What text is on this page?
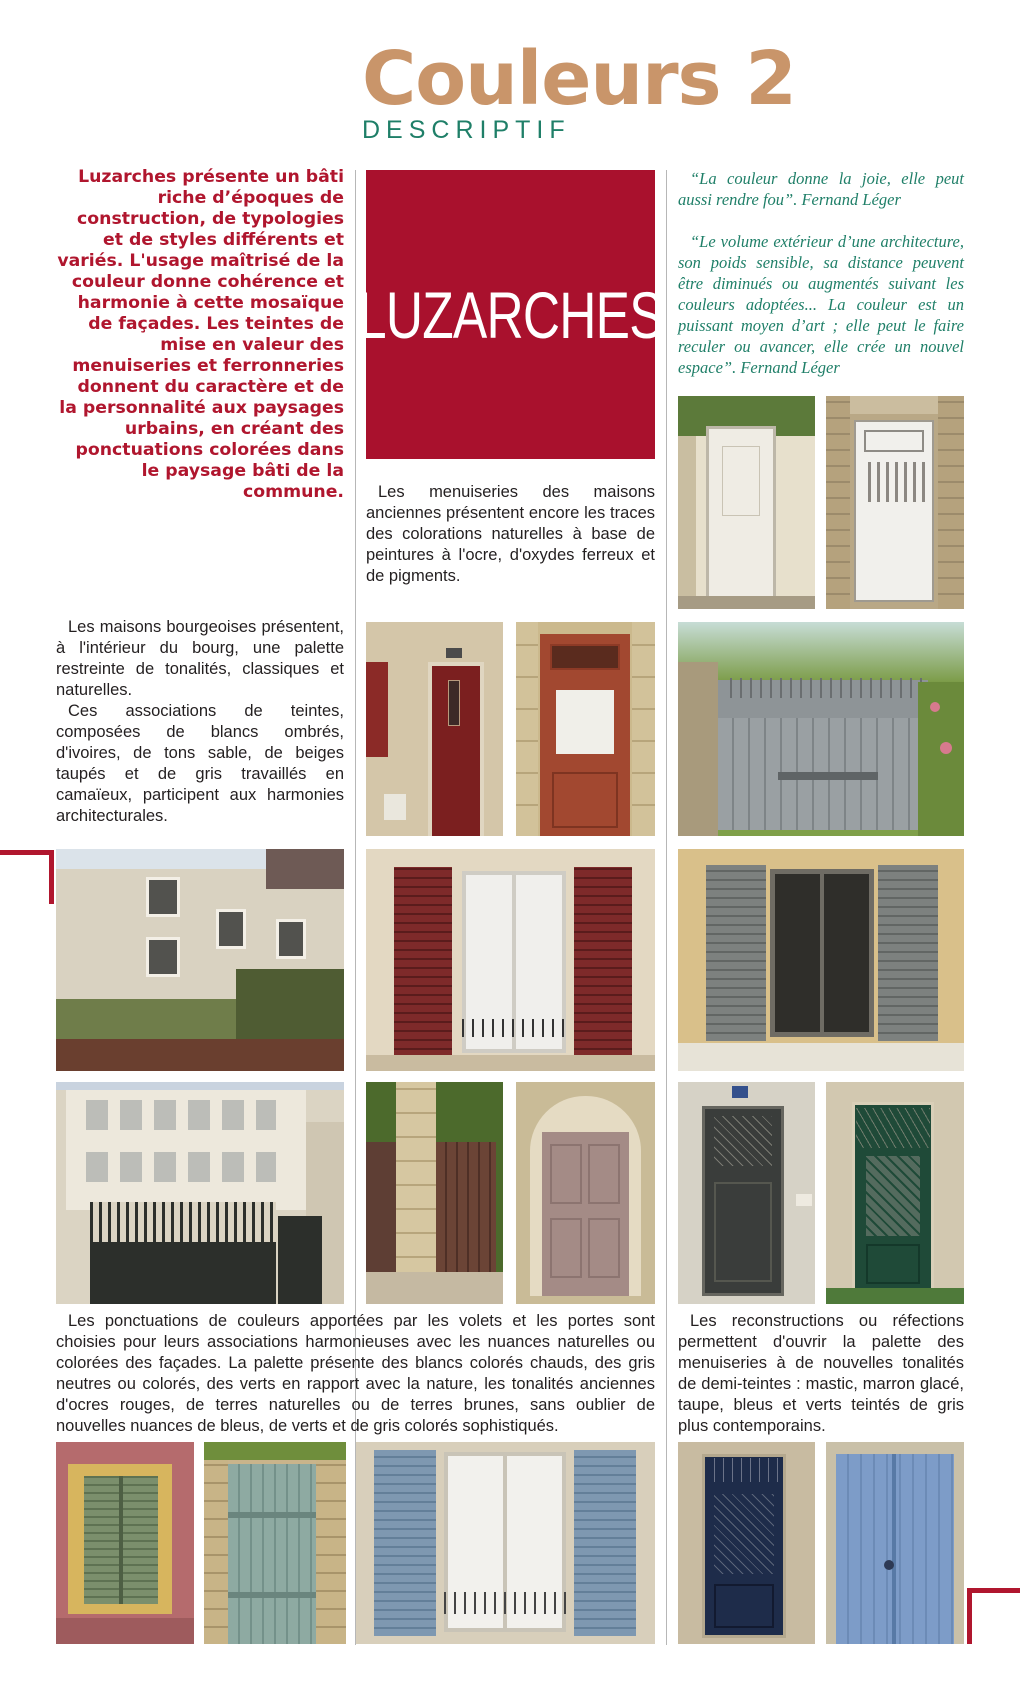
Couleurs 2
DESCRIPTIF
Luzarches présente un bâti riche d’époques de construction, de typologies et de styles différents et variés. L'usage maîtrisé de la couleur donne cohérence et harmonie à cette mosaïque de façades. Les teintes de mise en valeur des menuiseries et ferronneries donnent du caractère et de la personnalité aux paysages urbains, en créant des ponctuations colorées dans le paysage bâti de la commune.
LUZARCHES

“La couleur donne la joie, elle peut aussi rendre fou”. Fernand Léger

“Le volume extérieur d’une architecture, son poids sensible, sa distance peuvent être diminués ou augmentés suivant les couleurs adoptées... La couleur est un puissant moyen d’art ; elle peut le faire reculer ou avancer, elle crée un nouvel espace”. Fernand Léger

Les menuiseries des maisons anciennes présentent encore les traces des colorations naturelles à base de peintures à l'ocre, d'oxydes ferreux et de pigments.

Les maisons bourgeoises présentent, à l'intérieur du bourg, une palette restreinte de tonalités, classiques et naturelles.

Ces associations de teintes, composées de blancs ombrés, d'ivoires, de tons sable, de beiges taupés et de gris travaillés en camaïeux, participent aux harmonies architecturales.

Les ponctuations de couleurs apportées par les volets et les portes sont choisies pour leurs associations harmonieuses avec les nuances naturelles ou colorées des façades. La palette présente des blancs colorés chauds, des gris neutres ou colorés, des verts en rapport avec la nature, les tonalités anciennes d'ocres rouges, de terres naturelles ou de terres brunes, sans oublier de nouvelles nuances de bleus, de verts et de gris colorés sophistiqués.

Les reconstructions ou réfections permettent d'ouvrir la palette des menuiseries à de nouvelles tonalités de demi-teintes : mastic, marron glacé, taupe, bleus et verts teintés de gris plus contemporains.
